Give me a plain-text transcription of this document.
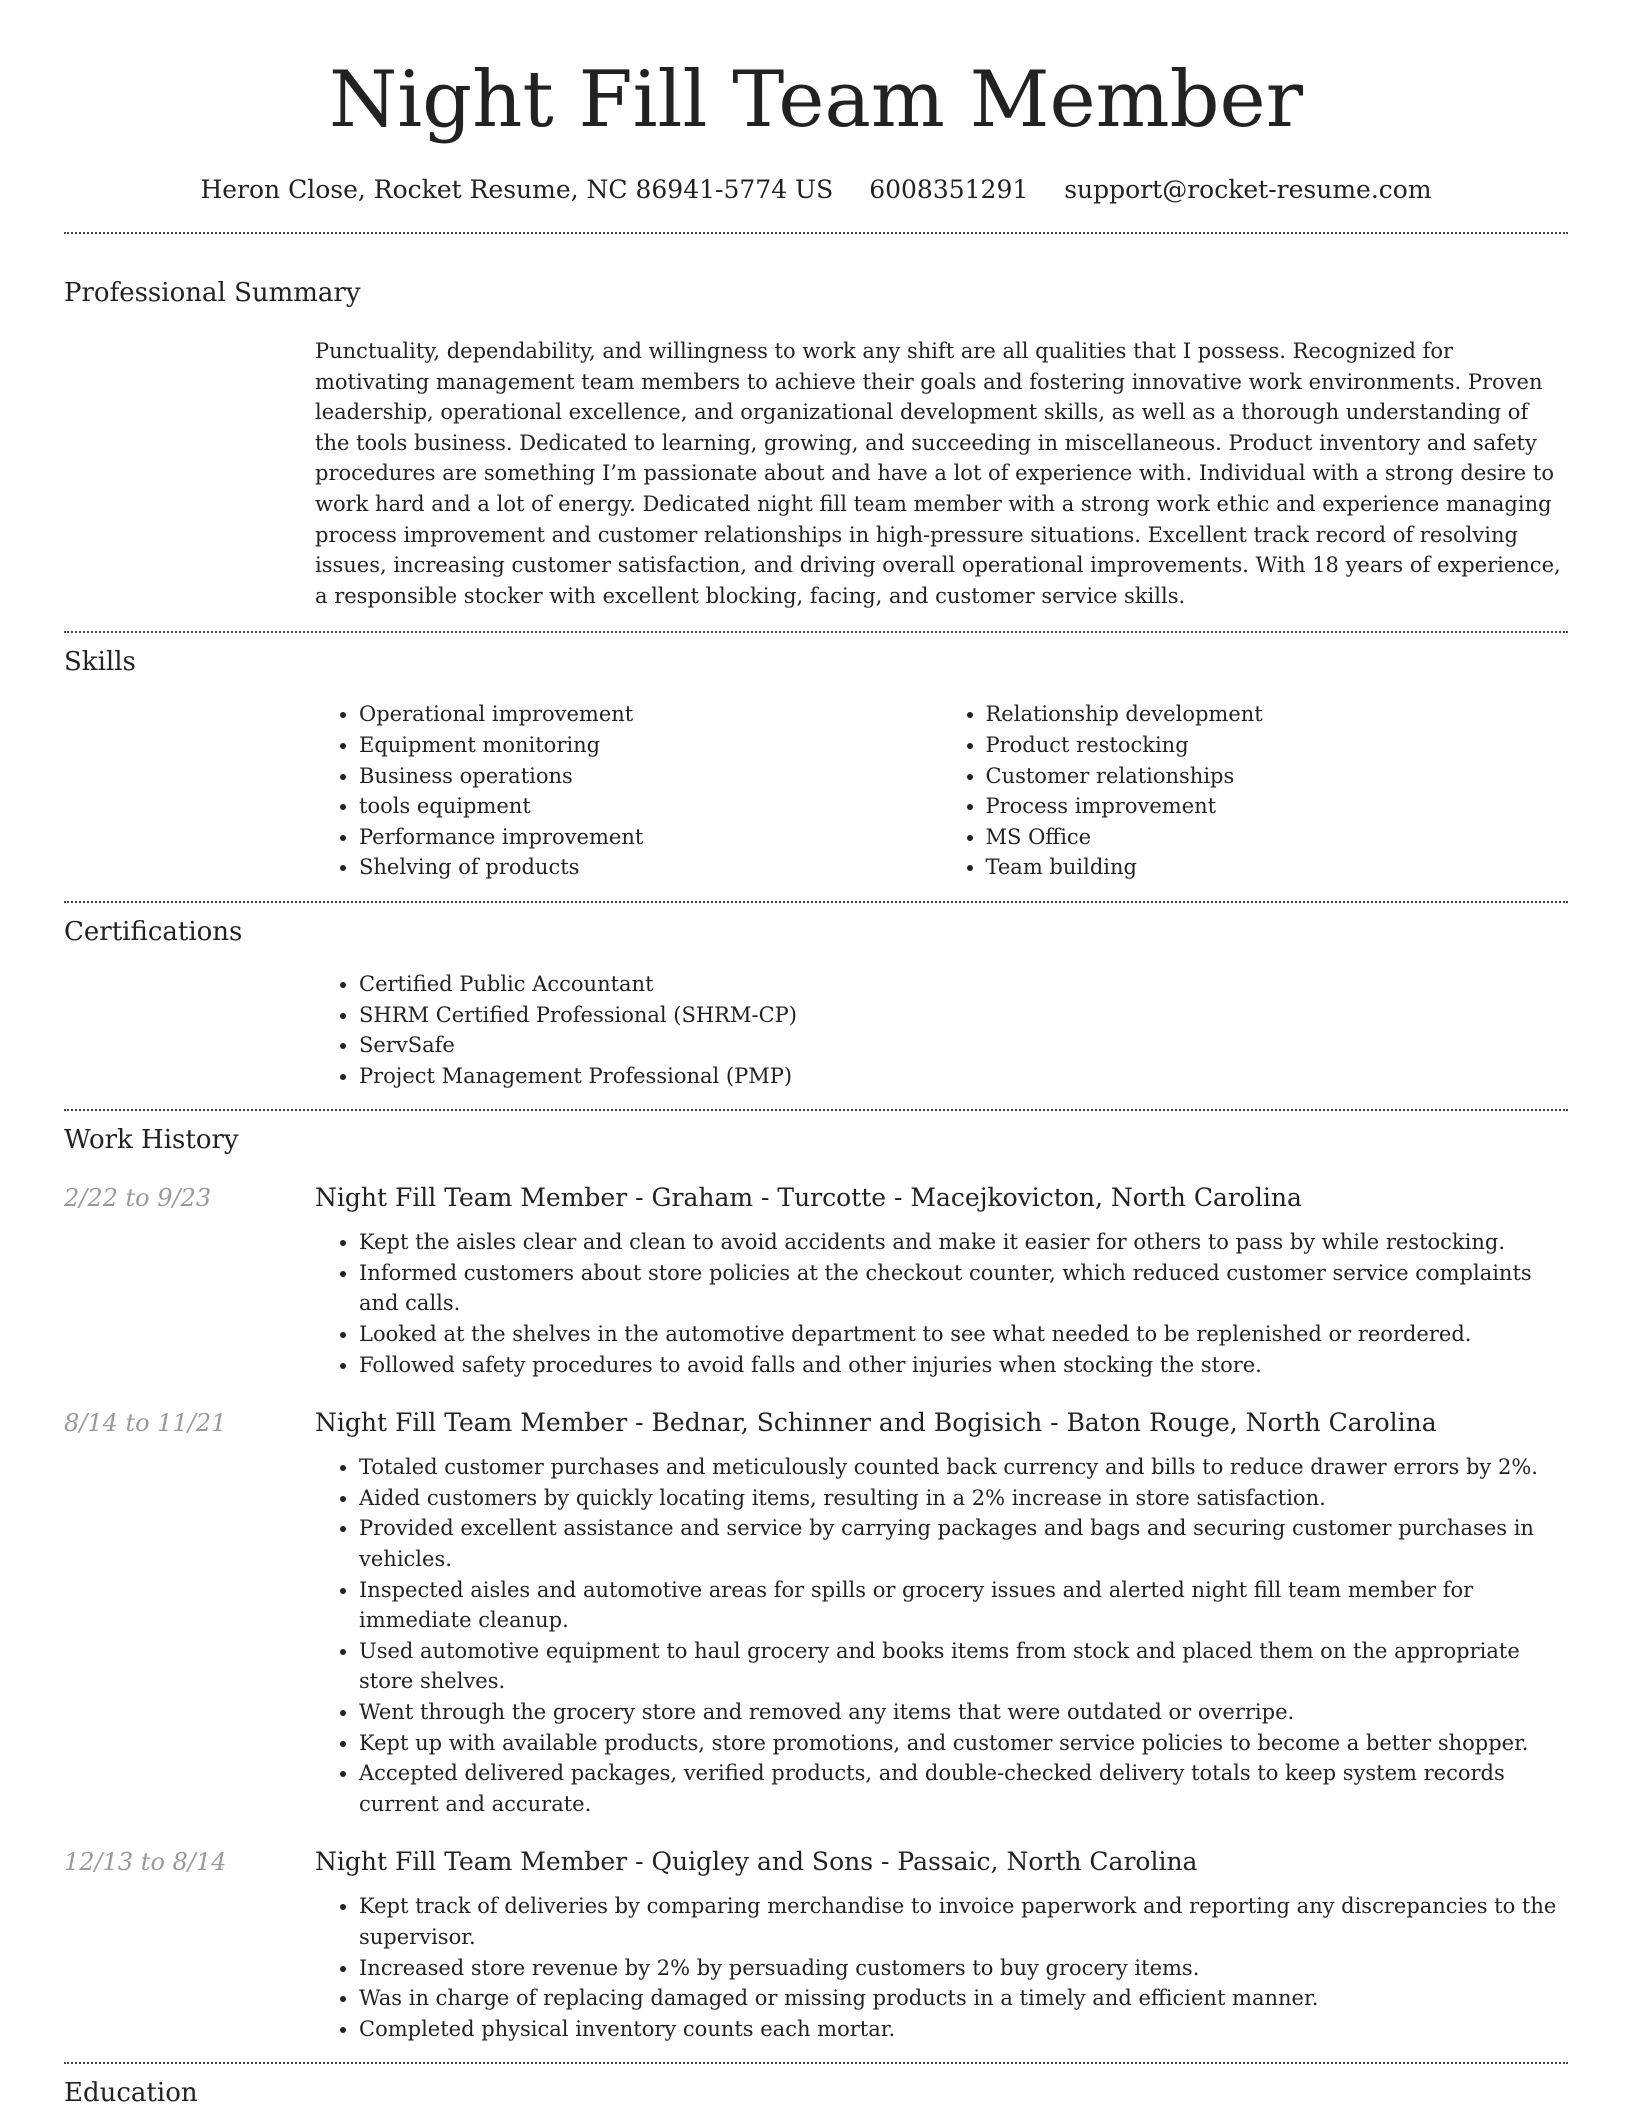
Night Fill Team Member
Heron Close, Rocket Resume, NC 86941-5774 US 6008351291 support@rocket-resume.com
Professional Summary

Punctuality, dependability, and willingness to work any shift are all qualities that I possess. Recognized for motivating management team members to achieve their goals and fostering innovative work environments. Proven leadership, operational excellence, and organizational development skills, as well as a thorough understanding of the tools business. Dedicated to learning, growing, and succeeding in miscellaneous. Product inventory and safety procedures are something I’m passionate about and have a lot of experience with. Individual with a strong desire to work hard and a lot of energy. Dedicated night fill team member with a strong work ethic and experience managing process improvement and customer relationships in high-pressure situations. Excellent track record of resolving issues, increasing customer satisfaction, and driving overall operational improvements. With 18 years of experience, a responsible stocker with excellent blocking, facing, and customer service skills.

Skills
• Operational improvement
• Equipment monitoring
• Business operations
• tools equipment
• Performance improvement
• Shelving of products
• Relationship development
• Product restocking
• Customer relationships
• Process improvement
• MS Office
• Team building
Certifications
• Certified Public Accountant
• SHRM Certified Professional (SHRM-CP)
• ServSafe
• Project Management Professional (PMP)
Work History
2/22 to 9/23	Night Fill Team Member - Graham - Turcotte - Macejkovicton, North Carolina
• Kept the aisles clear and clean to avoid accidents and make it easier for others to pass by while restocking.
• Informed customers about store policies at the checkout counter, which reduced customer service complaints and calls.
• Looked at the shelves in the automotive department to see what needed to be replenished or reordered.
• Followed safety procedures to avoid falls and other injuries when stocking the store.
8/14 to 11/21	Night Fill Team Member - Bednar, Schinner and Bogisich - Baton Rouge, North Carolina
• Totaled customer purchases and meticulously counted back currency and bills to reduce drawer errors by 2%.
• Aided customers by quickly locating items, resulting in a 2% increase in store satisfaction.
• Provided excellent assistance and service by carrying packages and bags and securing customer purchases in vehicles.
• Inspected aisles and automotive areas for spills or grocery issues and alerted night fill team member for immediate cleanup.
• Used automotive equipment to haul grocery and books items from stock and placed them on the appropriate store shelves.
• Went through the grocery store and removed any items that were outdated or overripe.
• Kept up with available products, store promotions, and customer service policies to become a better shopper.
• Accepted delivered packages, verified products, and double-checked delivery totals to keep system records current and accurate.
12/13 to 8/14	Night Fill Team Member - Quigley and Sons - Passaic, North Carolina
• Kept track of deliveries by comparing merchandise to invoice paperwork and reporting any discrepancies to the supervisor.
• Increased store revenue by 2% by persuading customers to buy grocery items.
• Was in charge of replacing damaged or missing products in a timely and efficient manner.
• Completed physical inventory counts each mortar.
Education
